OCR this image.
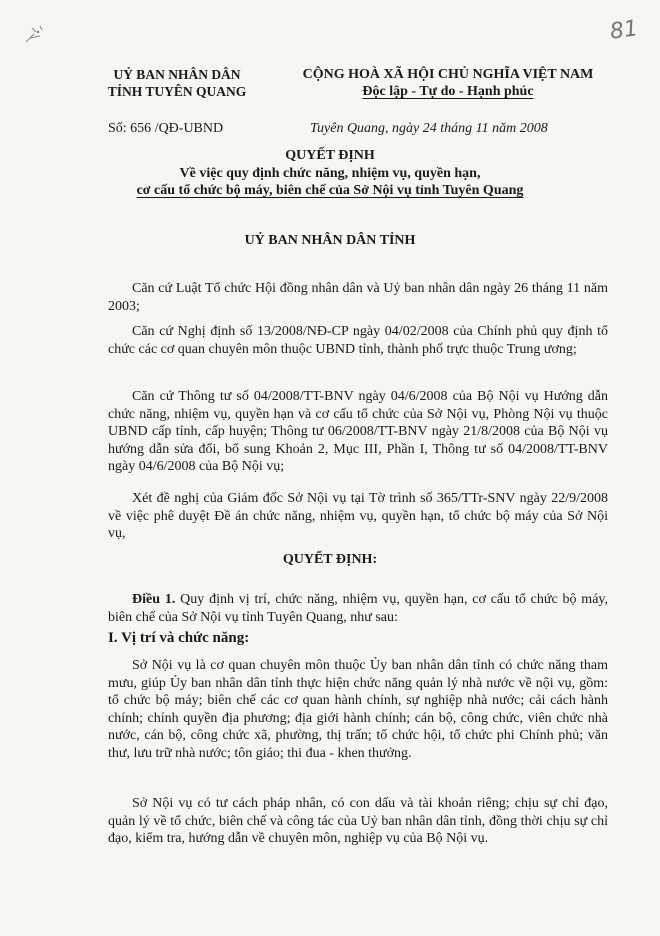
81
UỶ BAN NHÂN DÂN
TỈNH TUYÊN QUANG
CỘNG HOÀ XÃ HỘI CHỦ NGHĨA VIỆT NAM
Độc lập - Tự do - Hạnh phúc
Số: 656 /QĐ-UBND	Tuyên Quang, ngày 24 tháng 11 năm 2008
QUYẾT ĐỊNH
Về việc quy định chức năng, nhiệm vụ, quyền hạn,
cơ cấu tổ chức bộ máy, biên chế của Sở Nội vụ tỉnh Tuyên Quang
UỶ BAN NHÂN DÂN TỈNH

Căn cứ Luật Tổ chức Hội đồng nhân dân và Uỷ ban nhân dân ngày 26 tháng 11 năm 2003;

Căn cứ Nghị định số 13/2008/NĐ-CP ngày 04/02/2008 của Chính phủ quy định tổ chức các cơ quan chuyên môn thuộc UBND tỉnh, thành phố trực thuộc Trung ương;

Căn cứ Thông tư số 04/2008/TT-BNV ngày 04/6/2008 của Bộ Nội vụ Hướng dẫn chức năng, nhiệm vụ, quyền hạn và cơ cấu tổ chức của Sở Nội vụ, Phòng Nội vụ thuộc UBND cấp tỉnh, cấp huyện; Thông tư 06/2008/TT-BNV ngày 21/8/2008 của Bộ Nội vụ hướng dẫn sửa đổi, bổ sung Khoản 2, Mục III, Phần I, Thông tư số 04/2008/TT-BNV ngày 04/6/2008 của Bộ Nội vụ;

Xét đề nghị của Giám đốc Sở Nội vụ tại Tờ trình số 365/TTr-SNV ngày 22/9/2008 về việc phê duyệt Đề án chức năng, nhiệm vụ, quyền hạn, tổ chức bộ máy của Sở Nội vụ,

QUYẾT ĐỊNH:

Điều 1. Quy định vị trí, chức năng, nhiệm vụ, quyền hạn, cơ cấu tổ chức bộ máy, biên chế của Sở Nội vụ tỉnh Tuyên Quang, như sau:

I. Vị trí và chức năng:

Sở Nội vụ là cơ quan chuyên môn thuộc Ủy ban nhân dân tỉnh có chức năng tham mưu, giúp Ủy ban nhân dân tỉnh thực hiện chức năng quản lý nhà nước về nội vụ, gồm: tổ chức bộ máy; biên chế các cơ quan hành chính, sự nghiệp nhà nước; cải cách hành chính; chính quyền địa phương; địa giới hành chính; cán bộ, công chức, viên chức nhà nước, cán bộ, công chức xã, phường, thị trấn; tổ chức hội, tổ chức phi Chính phủ; văn thư, lưu trữ nhà nước; tôn giáo; thi đua - khen thưởng.

Sở Nội vụ có tư cách pháp nhân, có con dấu và tài khoản riêng; chịu sự chỉ đạo, quản lý về tổ chức, biên chế và công tác của Uỷ ban nhân dân tỉnh, đồng thời chịu sự chỉ đạo, kiểm tra, hướng dẫn về chuyên môn, nghiệp vụ của Bộ Nội vụ.
